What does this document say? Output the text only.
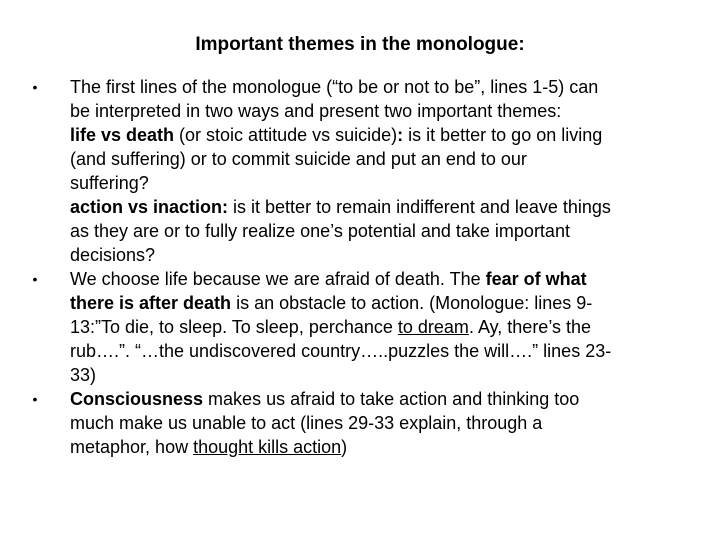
Important themes in the monologue:
• The first lines of the monologue (“to be or not to be”, lines 1-5) can
be interpreted in two ways and present two important themes:
life vs death (or stoic attitude vs suicide): is it better to go on living
(and suffering) or to commit suicide and put an end to our
suffering?
action vs inaction: is it better to remain indifferent and leave things
as they are or to fully realize one’s potential and take important
decisions?
• We choose life because we are afraid of death. The fear of what
there is after death is an obstacle to action. (Monologue: lines 9-
13:”To die, to sleep. To sleep, perchance to dream. Ay, there’s the
rub….”. “…the undiscovered country…..puzzles the will….” lines 23-
33)
• Consciousness makes us afraid to take action and thinking too
much make us unable to act (lines 29-33 explain, through a
metaphor, how thought kills action)
